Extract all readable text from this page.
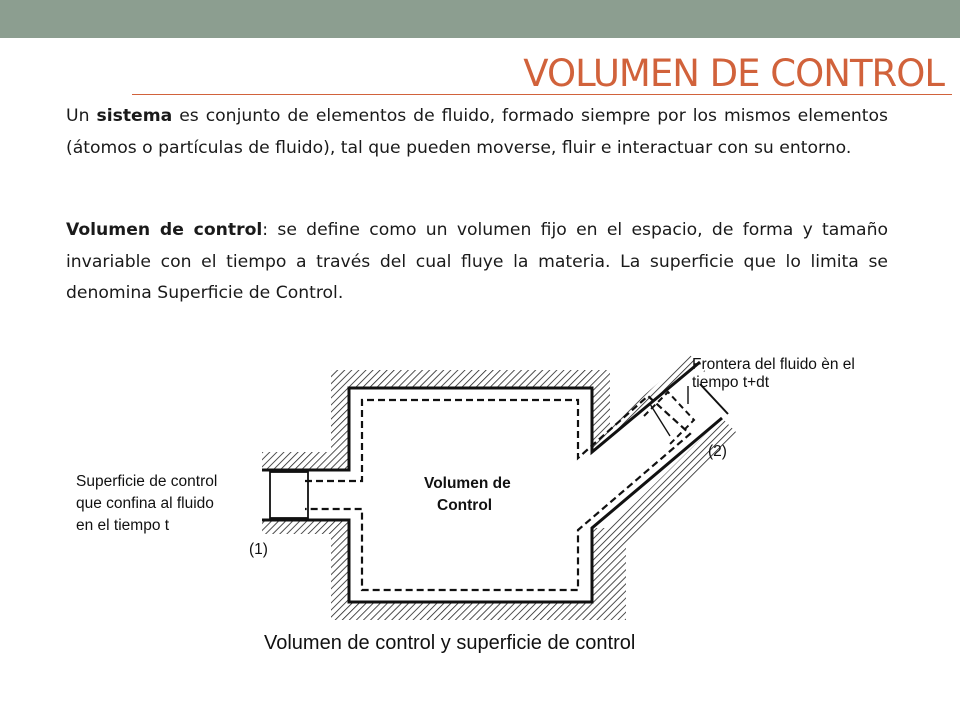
VOLUMEN DE CONTROL

Un sistema es conjunto de elementos de fluido, formado siempre por los mismos elementos (átomos o partículas de fluido), tal que pueden moverse, fluir e interactuar con su entorno.

Volumen de control: se define como un volumen fijo en el espacio, de forma y tamaño invariable con el tiempo a través del cual fluye la materia. La superficie que lo limita se denomina Superficie de Control.

Frontera del fluido èn el
tiempo t+dt
(2)
Superficie de control
que confina al fluido
en el tiempo t
(1)
Volumen de
Control

Volumen de control y superficie de control
